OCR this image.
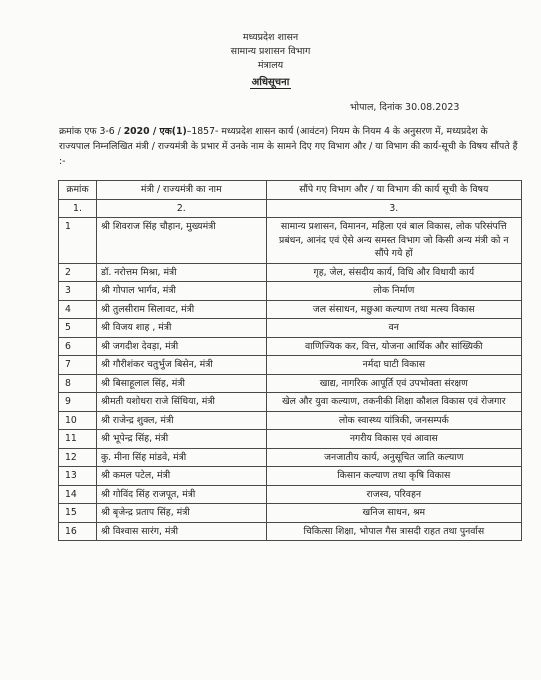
मध्यप्रदेश शासन
सामान्य प्रशासन विभाग
मंत्रालय
अधिसूचना
भोपाल, दिनांक 30.08.2023
क्रमांक एफ 3-6 / 2020 / एक(1)–1857- मध्यप्रदेश शासन कार्य (आवंटन) नियम के नियम 4 के अनुसरण में, मध्यप्रदेश के राज्यपाल निम्नलिखित मंत्री / राज्यमंत्री के प्रभार में उनके नाम के सामने दिए गए विभाग और / या विभाग की कार्य-सूची के विषय सौंपते हैं :-
क्रमांक	मंत्री / राज्यमंत्री का नाम	सौंपे गए विभाग और / या विभाग की कार्य सूची के विषय
1.	2.	3.
1	श्री शिवराज सिंह चौहान, मुख्यमंत्री	सामान्य प्रशासन, विमानन, महिला एवं बाल विकास, लोक परिसंपत्ति प्रबंधन, आनंद एवं ऐसे अन्य समस्त विभाग जो किसी अन्य मंत्री को न सौंपे गये हों
2	डॉ. नरोत्तम मिश्रा, मंत्री	गृह, जेल, संसदीय कार्य, विधि और विधायी कार्य
3	श्री गोपाल भार्गव, मंत्री	लोक निर्माण
4	श्री तुलसीराम सिलावट, मंत्री	जल संसाधन, मछुआ कल्याण तथा मत्स्य विकास
5	श्री विजय शाह , मंत्री	वन
6	श्री जगदीश देवड़ा, मंत्री	वाणिज्यिक कर, वित्त, योजना आर्थिक और सांख्यिकी
7	श्री गौरीशंकर चतुर्भुज बिसेन, मंत्री	नर्मदा घाटी विकास
8	श्री बिसाहूलाल सिंह, मंत्री	खाद्य, नागरिक आपूर्ति एवं उपभोक्ता संरक्षण
9	श्रीमती यशोधरा राजे सिंधिया, मंत्री	खेल और युवा कल्याण, तकनीकी शिक्षा कौशल विकास एवं रोजगार
10	श्री राजेन्द्र शुक्ल, मंत्री	लोक स्वास्थ्य यांत्रिकी, जनसम्पर्क
11	श्री भूपेन्द्र सिंह, मंत्री	नगरीय विकास एवं आवास
12	कु. मीना सिंह मांडवे, मंत्री	जनजातीय कार्य, अनुसूचित जाति कल्याण
13	श्री कमल पटेल, मंत्री	किसान कल्याण तथा कृषि विकास
14	श्री गोविंद सिंह राजपूत, मंत्री	राजस्व, परिवहन
15	श्री बृजेन्द्र प्रताप सिंह, मंत्री	खनिज साधन, श्रम
16	श्री विश्वास सारंग, मंत्री	चिकित्सा शिक्षा, भोपाल गैस त्रासदी राहत तथा पुनर्वास
